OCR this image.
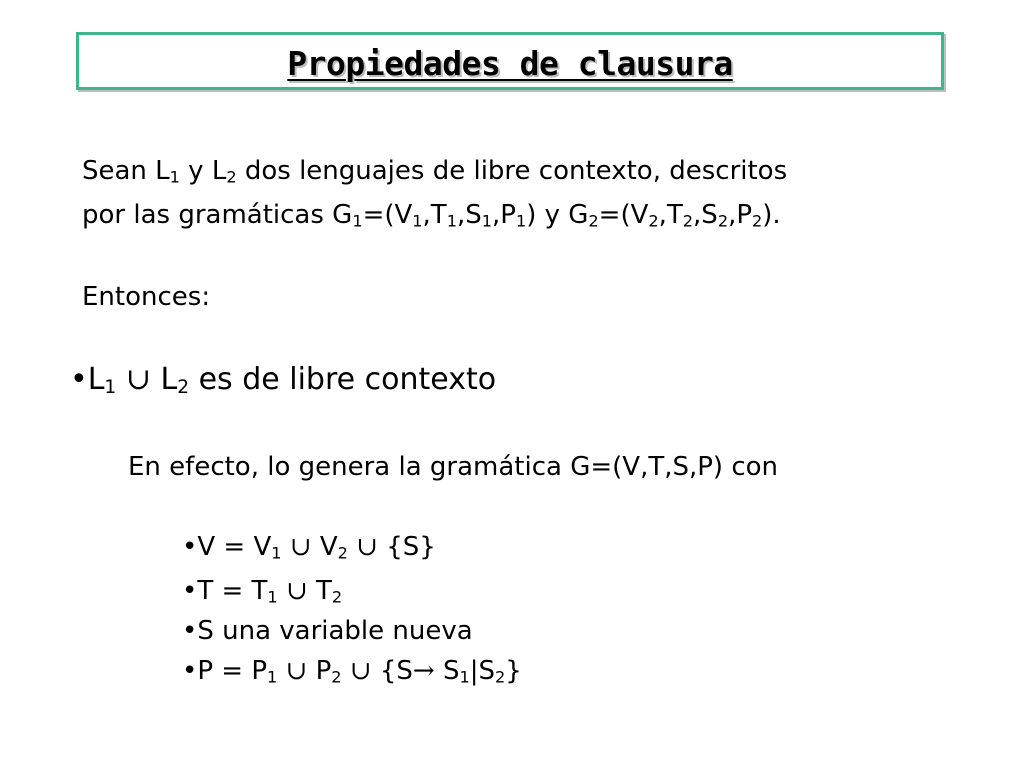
Propiedades de clausura
Sean $L_1$ y $L_2$ dos lenguajes de libre contexto, descritos
por las gramáticas $G_1=(V_1,T_1,S_1,P_1)$ y $G_2=(V_2,T_2,S_2,P_2)$.
Entonces:
$•L_1$ ∪ $L_2$ es de libre contexto
En efecto, lo genera la gramática G=(V,T,S,P) con
•V = $V_1$ ∪ $V_2$ ∪ {S}
•T = $T_1$ ∪ $T_2$
•S una variable nueva
•P = $P_1$ ∪ $P_2$ ∪ $\{S\to S_1|S_2\}$
